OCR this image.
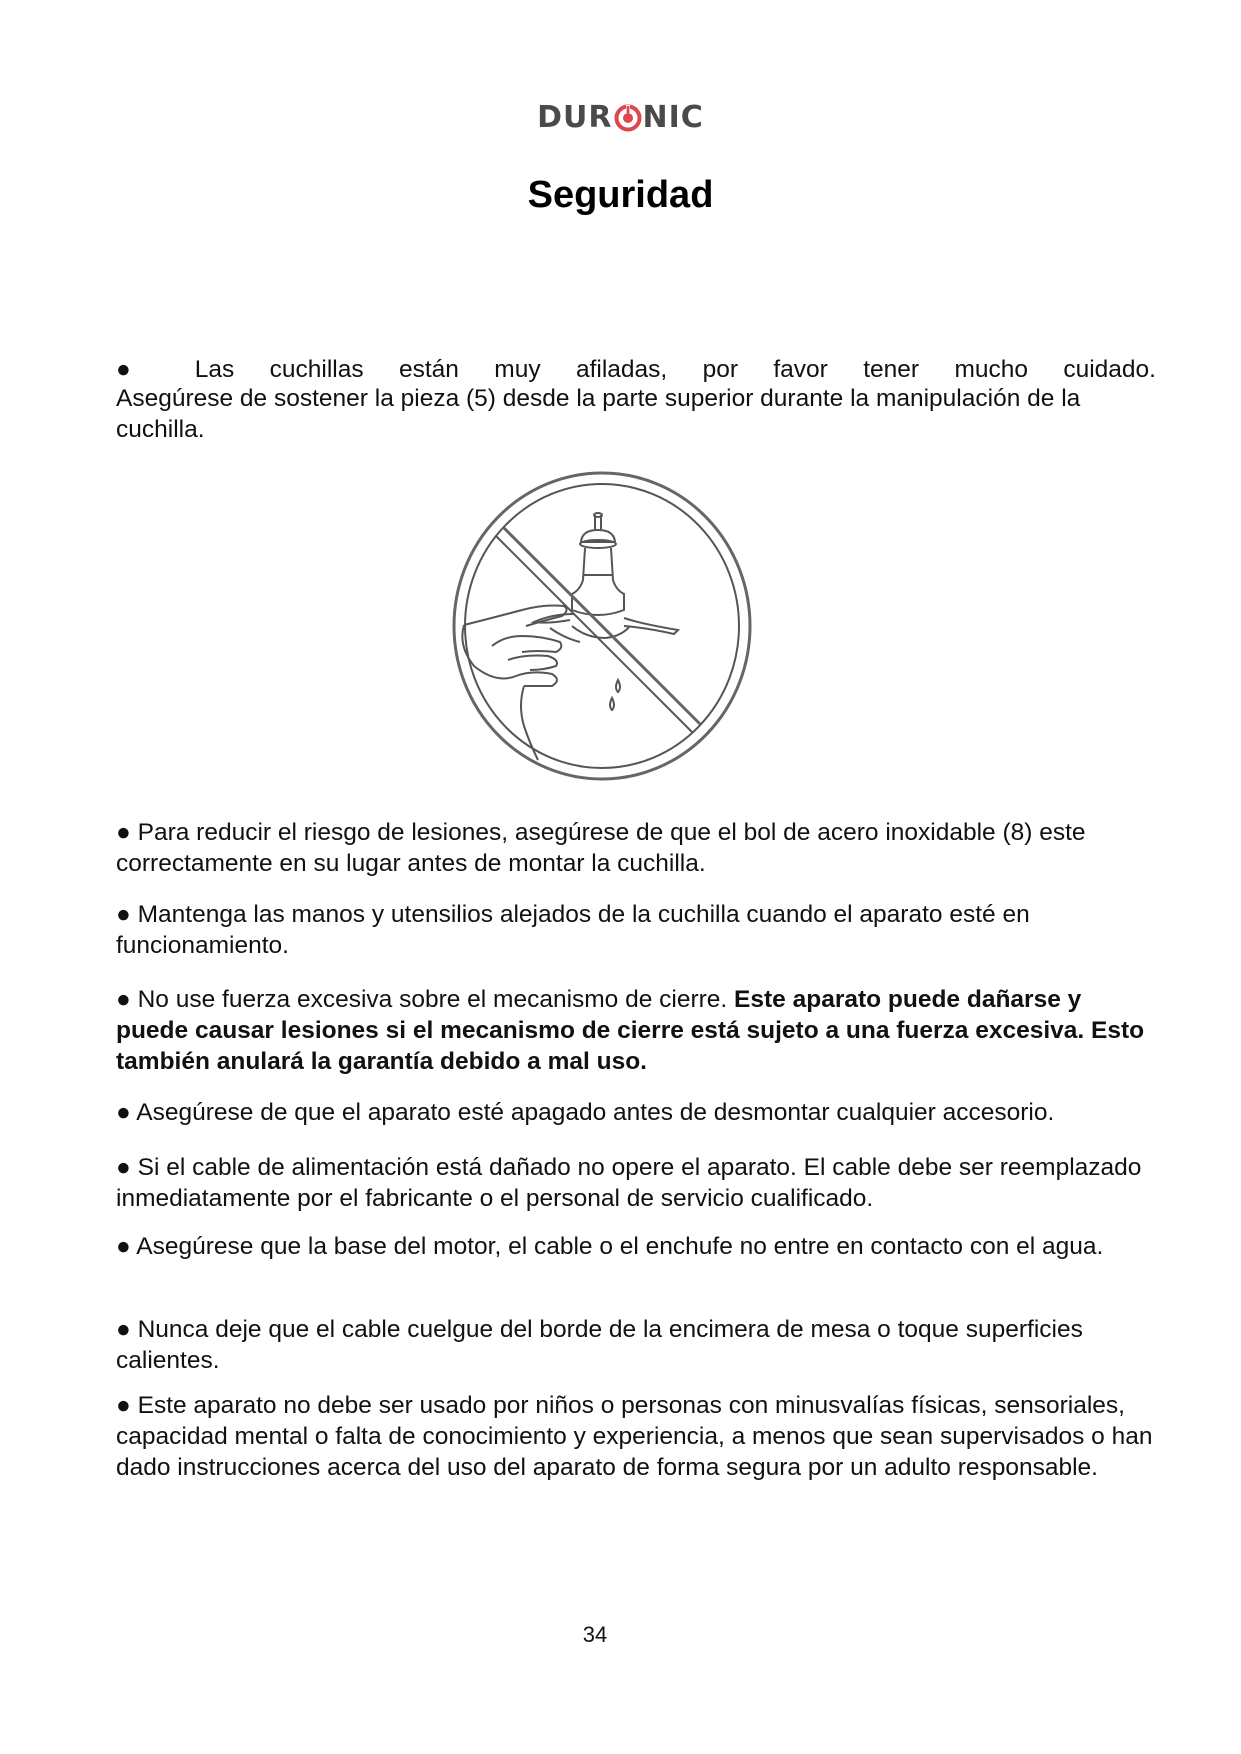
DUR NIC
Seguridad
● Las cuchillas están muy afiladas, por favor tener mucho cuidado.
Asegúrese de sostener la pieza (5) desde la parte superior durante la manipulación de la cuchilla.
● Para reducir el riesgo de lesiones, asegúrese de que el bol de acero inoxidable (8) este correctamente en su lugar antes de montar la cuchilla.
● Mantenga las manos y utensilios alejados de la cuchilla cuando el aparato esté en funcionamiento.
● No use fuerza excesiva sobre el mecanismo de cierre. Este aparato puede dañarse y puede causar lesiones si el mecanismo de cierre está sujeto a una fuerza excesiva. Esto también anulará la garantía debido a mal uso.
● Asegúrese de que el aparato esté apagado antes de desmontar cualquier accesorio.
● Si el cable de alimentación está dañado no opere el aparato. El cable debe ser reemplazado inmediatamente por el fabricante o el personal de servicio cualificado.
● Asegúrese que la base del motor, el cable o el enchufe no entre en contacto con el agua.
● Nunca deje que el cable cuelgue del borde de la encimera de mesa o toque superficies calientes.
● Este aparato no debe ser usado por niños o personas con minusvalías físicas, sensoriales, capacidad mental o falta de conocimiento y experiencia, a menos que sean supervisados o han dado instrucciones acerca del uso del aparato de forma segura por un adulto responsable.
34
